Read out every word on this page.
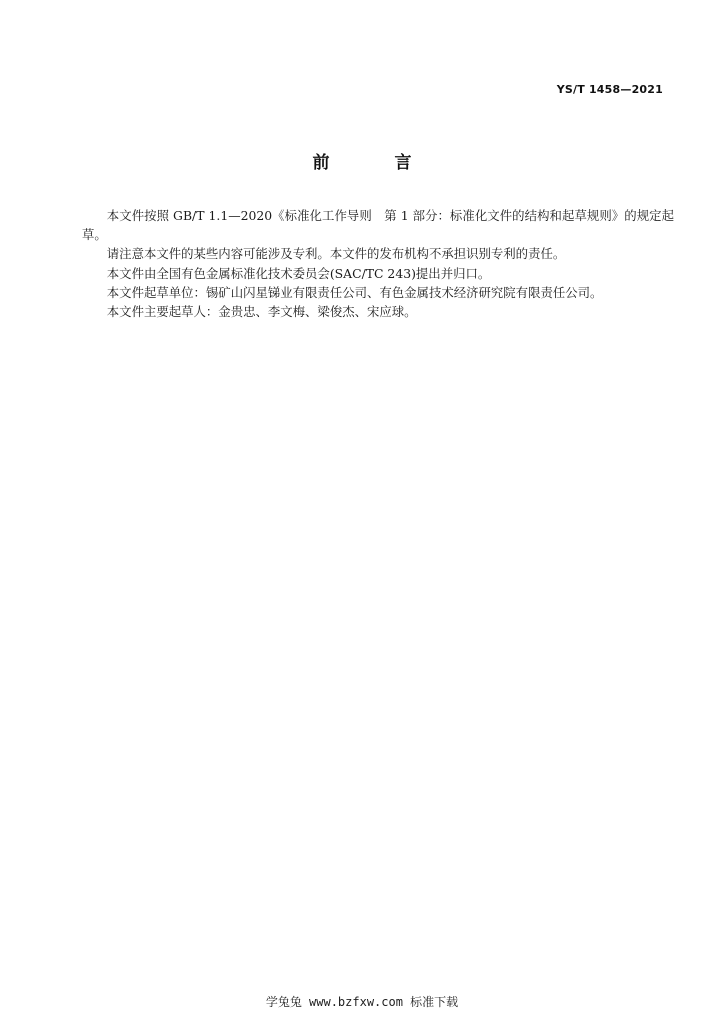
YS/T 1458—2021
前　言

本文件按照 GB/T 1.1—2020《标准化工作导则　第 1 部分：标准化文件的结构和起草规则》的规定起草。

请注意本文件的某些内容可能涉及专利。本文件的发布机构不承担识别专利的责任。

本文件由全国有色金属标准化技术委员会(SAC/TC 243)提出并归口。

本文件起草单位：锡矿山闪星锑业有限责任公司、有色金属技术经济研究院有限责任公司。

本文件主要起草人：金贵忠、李文梅、梁俊杰、宋应球。

学兔兔 www.bzfxw.com 标准下载
